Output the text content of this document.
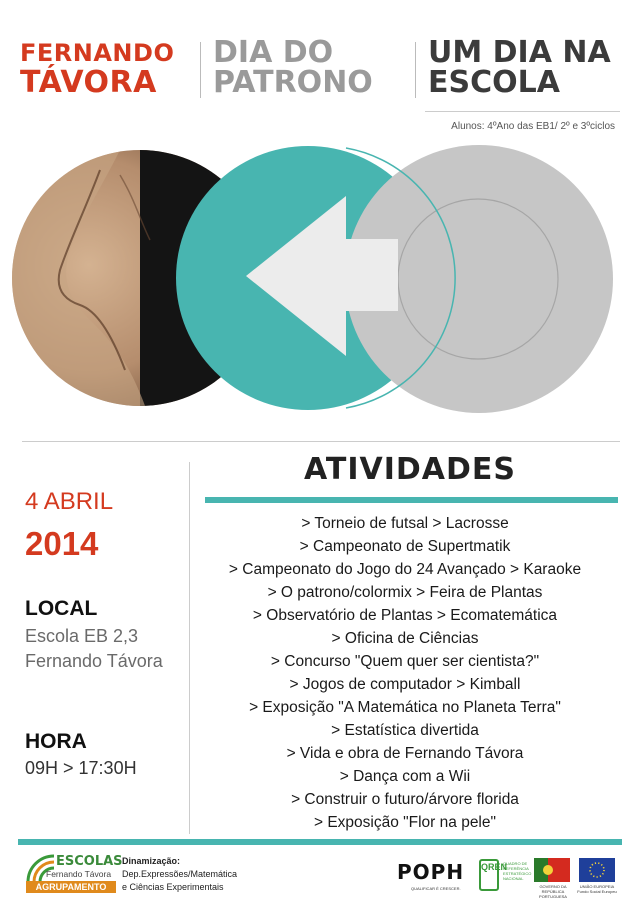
FERNANDO
TÁVORA
DIA DO
PATRONO
UM DIA NA
ESCOLA
Alunos: 4ºAno das EB1/ 2º e 3ºciclos
4 ABRIL
2014
LOCAL
Escola EB 2,3 Fernando Távora
HORA
09H > 17:30H
ATIVIDADES
> Torneio de futsal > Lacrosse
> Campeonato de Supertmatik
> Campeonato do Jogo do 24 Avançado > Karaoke
> O patrono/colormix > Feira de Plantas
> Observatório de Plantas > Ecomatemática
> Oficina de Ciências
> Concurso "Quem quer ser cientista?"
> Jogos de computador > Kimball
> Exposição "A Matemática no Planeta Terra"
> Estatística divertida
> Vida e obra de Fernando Távora
> Dança com a Wii
> Construir o futuro/árvore florida
> Exposição "Flor na pele"
ESCOLAS
Fernando Távora
AGRUPAMENTO
Dinamização:
Dep.Expressões/Matemática
e Ciências Experimentais
POPH
QUALIFICAR É CRESCER.
QREN
QUADRO DE REFERÊNCIA ESTRATÉGICO NACIONAL
GOVERNO DA REPÚBLICA PORTUGUESA
UNIÃO EUROPEIA Fundo Social Europeu
